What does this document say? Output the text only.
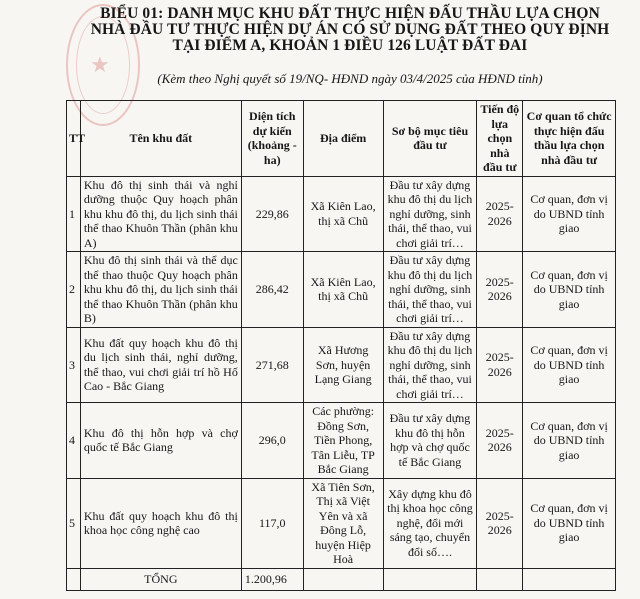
★
BIỂU 01: DANH MỤC KHU ĐẤT THỰC HIỆN ĐẤU THẦU LỰA CHỌN
NHÀ ĐẦU TƯ THỰC HIỆN DỰ ÁN CÓ SỬ DỤNG ĐẤT THEO QUY ĐỊNH
TẠI ĐIỂM A, KHOẢN 1 ĐIỀU 126 LUẬT ĐẤT ĐAI
(Kèm theo Nghị quyết số 19/NQ- HĐND ngày 03/4/2025 của HĐND tỉnh)
TT	Tên khu đất	Diện tích dự kiến (khoảng - ha)	Địa điểm	Sơ bộ mục tiêu đầu tư	Tiến độ lựa chọn nhà đầu tư	Cơ quan tổ chức thực hiện đấu thầu lựa chọn nhà đầu tư
1	Khu đô thị sinh thái và nghỉ dưỡng thuộc Quy hoạch phân khu khu đô thị, du lịch sinh thái thể thao Khuôn Thần (phân khu A)	229,86	Xã Kiên Lao, thị xã Chũ	Đầu tư xây dựng khu đô thị du lịch nghỉ dưỡng, sinh thái, thể thao, vui chơi giải trí…	2025-2026	Cơ quan, đơn vị do UBND tỉnh giao
2	Khu đô thị sinh thái và thể dục thể thao thuộc Quy hoạch phân khu khu đô thị, du lịch sinh thái thể thao Khuôn Thần (phân khu B)	286,42	Xã Kiên Lao, thị xã Chũ	Đầu tư xây dựng khu đô thị du lịch nghỉ dưỡng, sinh thái, thể thao, vui chơi giải trí…	2025-2026	Cơ quan, đơn vị do UBND tỉnh giao
3	Khu đất quy hoạch khu đô thị du lịch sinh thái, nghỉ dưỡng, thể thao, vui chơi giải trí hồ Hố Cao - Bắc Giang	271,68	Xã Hương Sơn, huyện Lạng Giang	Đầu tư xây dựng khu đô thị du lịch nghỉ dưỡng, sinh thái, thể thao, vui chơi giải trí…	2025-2026	Cơ quan, đơn vị do UBND tỉnh giao
4	Khu đô thị hỗn hợp và chợ quốc tế Bắc Giang	296,0	Các phường: Đồng Sơn, Tiền Phong, Tân Liễu, TP Bắc Giang	Đầu tư xây dựng khu đô thị hỗn hợp và chợ quốc tế Bắc Giang	2025-2026	Cơ quan, đơn vị do UBND tỉnh giao
5	Khu đất quy hoạch khu đô thị khoa học công nghệ cao	117,0	Xã Tiên Sơn, Thị xã Việt Yên và xã Đông Lỗ, huyện Hiệp Hoà	Xây dựng khu đô thị khoa học công nghệ, đổi mới sáng tạo, chuyển đổi số….	2025-2026	Cơ quan, đơn vị do UBND tỉnh giao
	TỔNG	1.200,96				
